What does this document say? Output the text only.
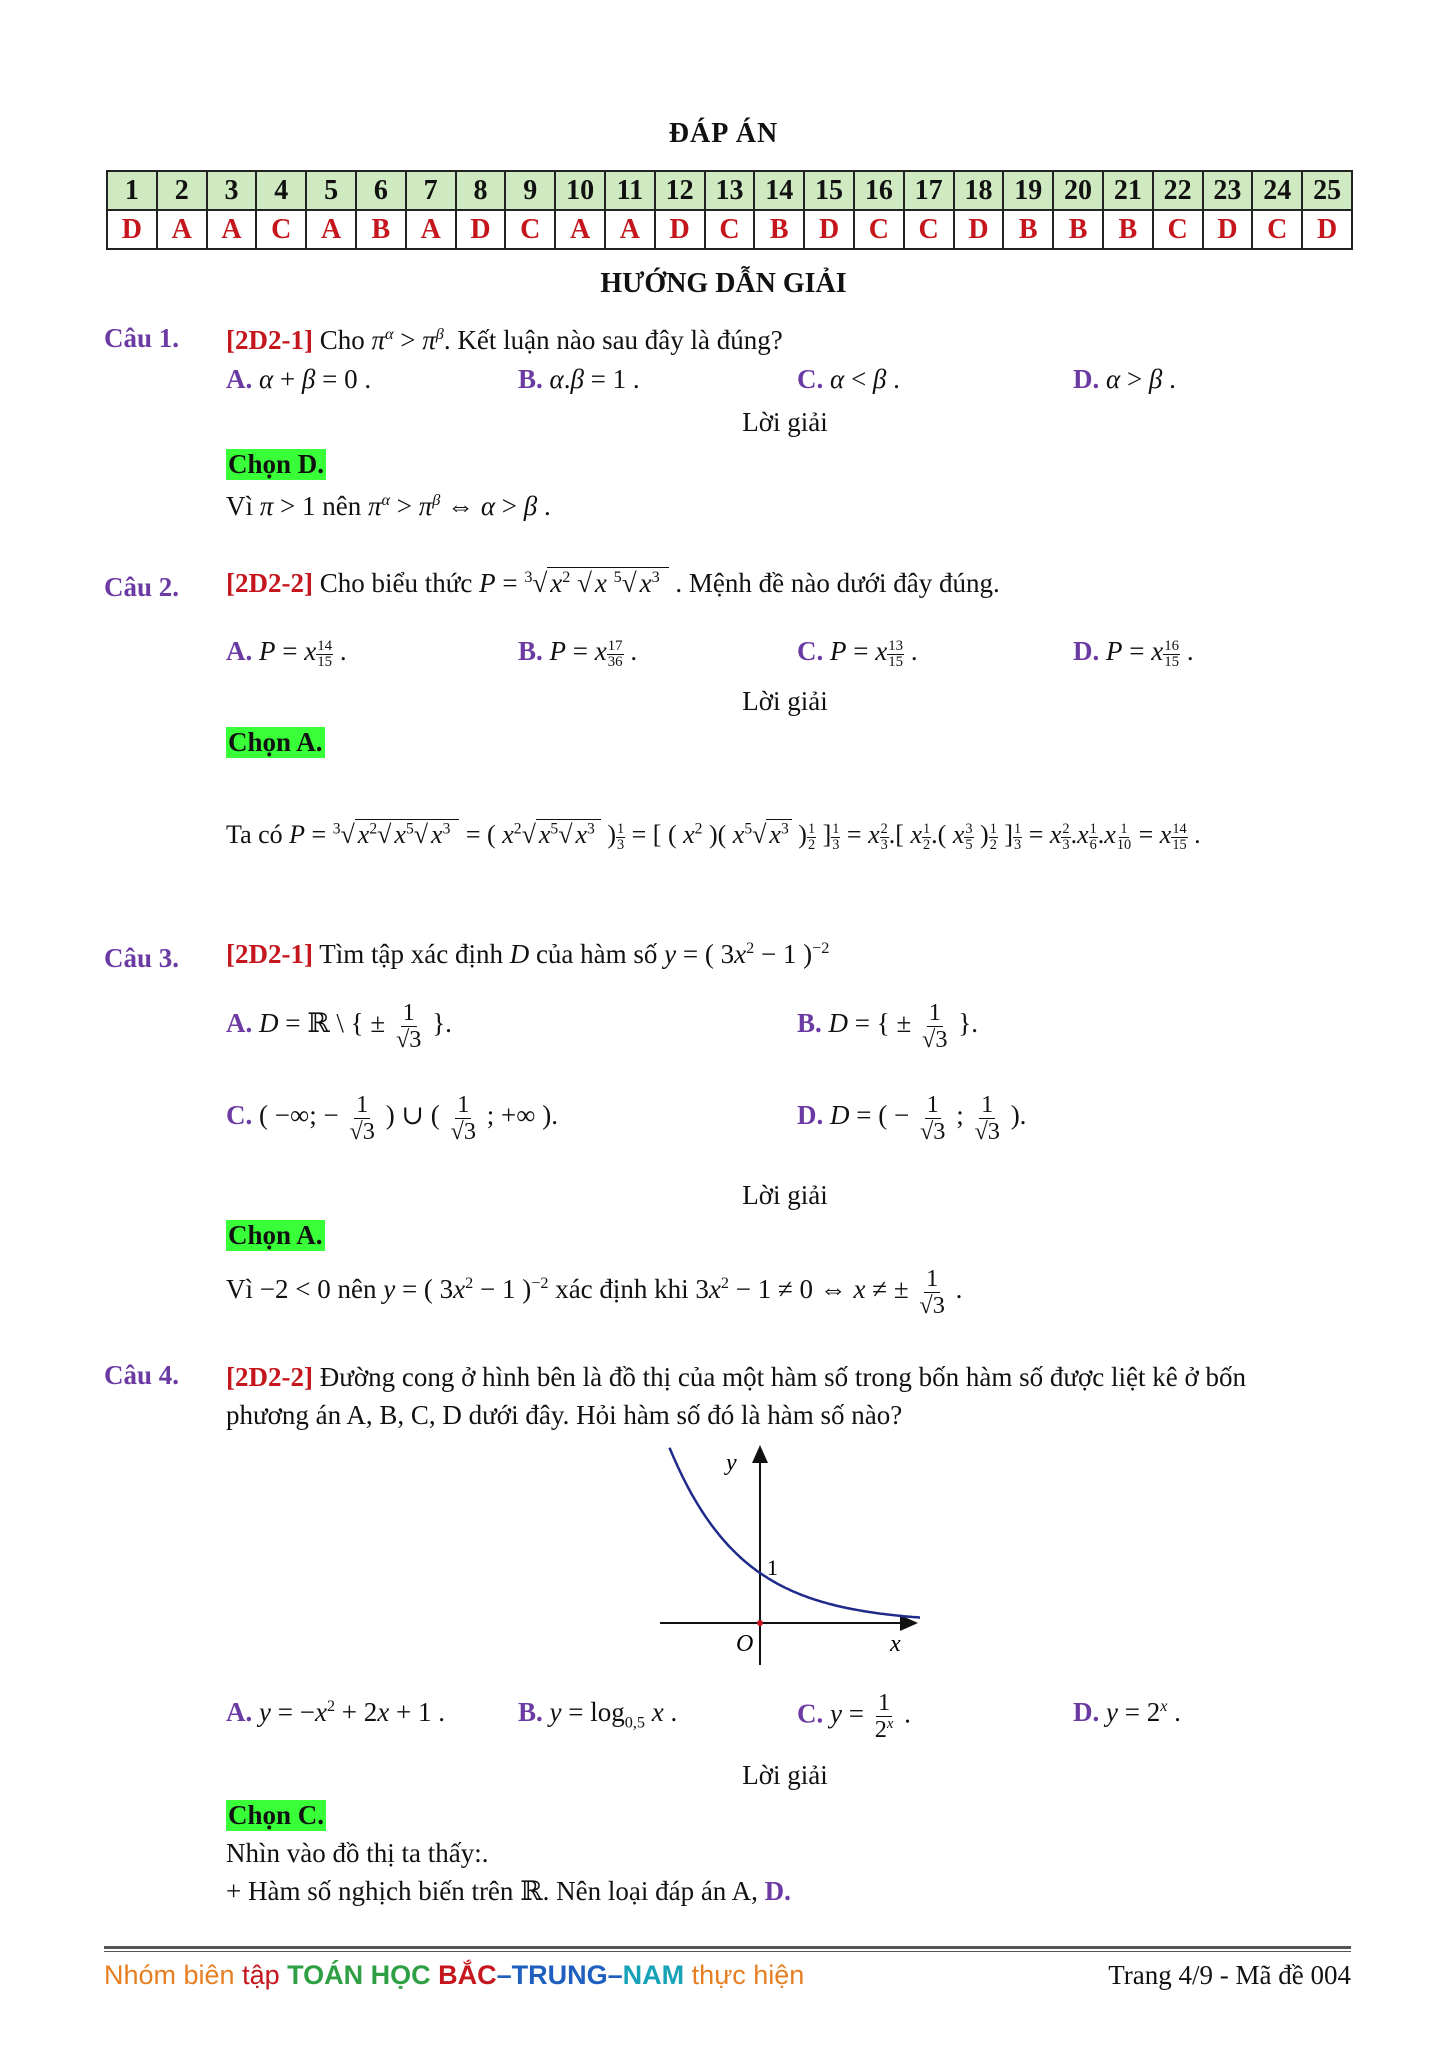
ĐÁP ÁN
1	2	3	4	5	6	7	8	9	10	11	12	13	14	15	16	17	18	19	20	21	22	23	24	25
D	A	A	C	A	B	A	D	C	A	A	D	C	B	D	C	C	D	B	B	B	C	D	C	D
HƯỚNG DẪN GIẢI
Câu 1. [2D2-1] Cho $\pi^\alpha > \pi^\beta$. Kết luận nào sau đây là đúng?
A. α + β = 0 .	B. α.β = 1 .	C. α < β .	D. α > β .
Lời giải
Chọn D.
Vì π > 1 nên $\pi^\alpha > \pi^\beta$ ⇔ α > β .
Câu 2. [2D2-2] Cho biểu thức P = $^3$√ $x^2$ √ x $^5$√ $x^3$ . Mệnh đề nào dưới đây đúng.
A. P = x $\frac{14}{15}$ .	B. P = x $\frac{17}{36}$ .	C. P = x $\frac{13}{15}$ .	D. P = x $\frac{16}{15}$ .
Lời giải
Chọn A.
Ta có P = $^3$√ $x^2√$ $x^5√$ $x^3$ = ( $x^2√$ $x^5√$ $x^3$ ) $\frac{1}{3}$ = [ ( $x^2$ )( $x^5√$ $x^3$ ) $\frac{1}{2}$ ] $\frac{1}{3} = x \frac{2}{3}$ .[ x $\frac{1}{2}$ .( x $\frac{3}{5}$ ) $\frac{1}{2}$ ] $\frac{1}{3} = x \frac{2}{3} .x \frac{1}{6} .x \frac{1}{10} = x \frac{14}{15}$ .
Câu 3. [2D2-1] Tìm tập xác định D của hàm số y = ( $3x^2 - 1$ )$^{-2}$
A. D = ℝ \ { ± $\frac{1}{√3}$ }.	B. D = { ± $\frac{1}{√3}$ }.
C. ( −∞; − $\frac{1}{√3}$ ) ∪ ( $\frac{1}{√3}$ ; +∞ ).	D. D = ( − $\frac{1}{√3}$ ; $\frac{1}{√3}$ ).
Lời giải
Chọn A.
Vì −2 < 0 nên y = ( $3x^2 - 1$ )$^{-2}$ xác định khi $3x^2 - 1 \ne 0$ ⇔ x ≠ ± $\frac{1}{√3}$ .
Câu 4. [2D2-2] Đường cong ở hình bên là đồ thị của một hàm số trong bốn hàm số được liệt kê ở bốn
phương án A, B, C, D dưới đây. Hỏi hàm số đó là hàm số nào?
y
x
O
1
A. $y = -x^2 + 2x + 1$ .	B. $y = \log_{0,5} x$ .	C. $y = \frac{1}{2^x}$ .	D. $y = 2^x$ .
Lời giải
Chọn C.
Nhìn vào đồ thị ta thấy:.
+ Hàm số nghịch biến trên ℝ. Nên loại đáp án A, D.
Nhóm biên tập TOÁN HỌC BẮC–TRUNG–NAM thực hiện	Trang 4/9 - Mã đề 004
